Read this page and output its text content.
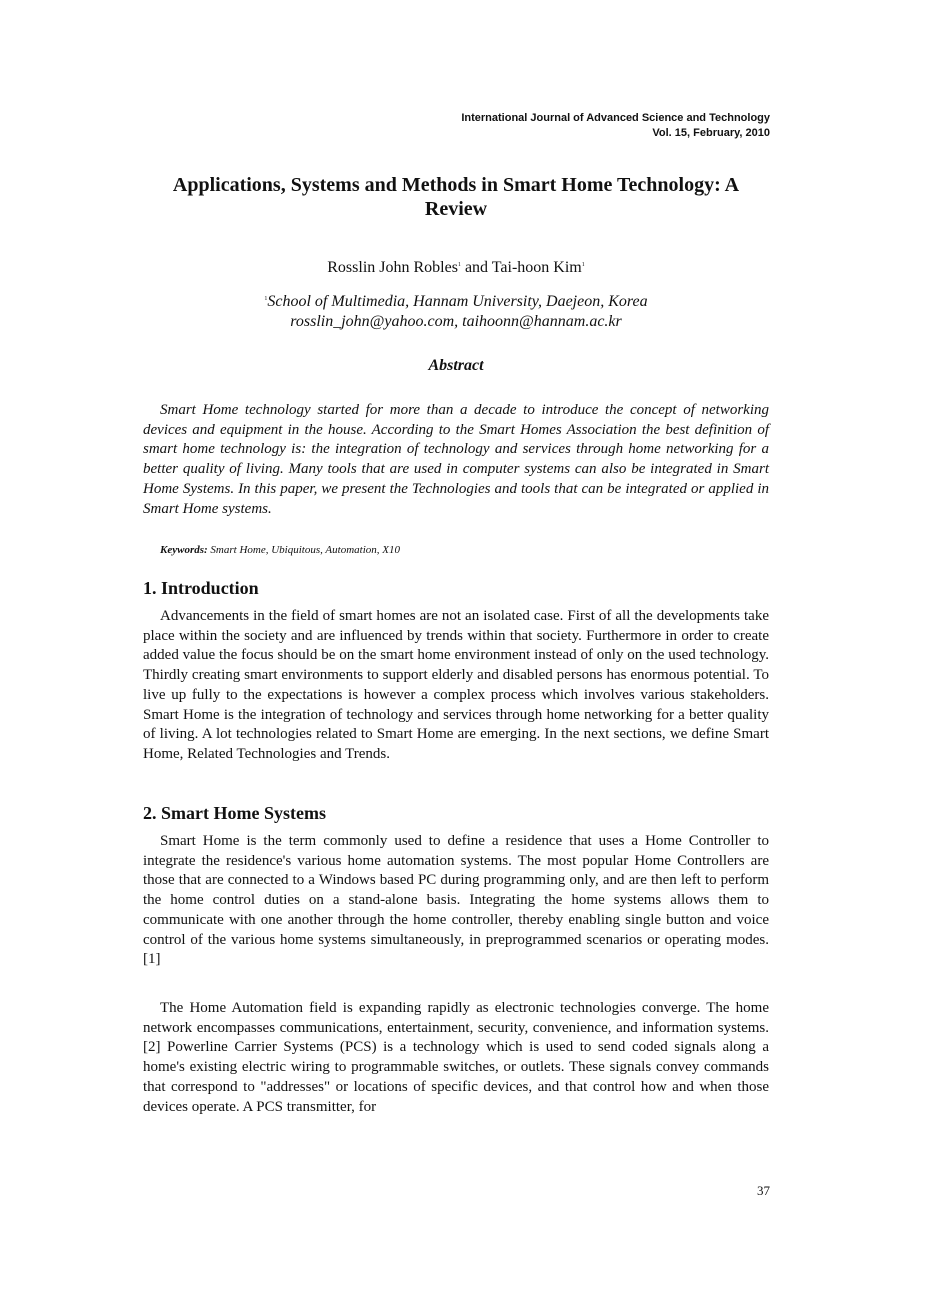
International Journal of Advanced Science and Technology
Vol. 15, February, 2010
Applications, Systems and Methods in Smart Home Technology: A
Review
Rosslin John Robles$^1$ and Tai-hoon Kim$^1$
$^1$School of Multimedia, Hannam University, Daejeon, Korea
rosslin_john@yahoo.com, taihoonn@hannam.ac.kr
Abstract

Smart Home technology started for more than a decade to introduce the concept of networking devices and equipment in the house. According to the Smart Homes Association the best definition of smart home technology is: the integration of technology and services through home networking for a better quality of living. Many tools that are used in computer systems can also be integrated in Smart Home Systems. In this paper, we present the Technologies and tools that can be integrated or applied in Smart Home systems.

Keywords: Smart Home, Ubiquitous, Automation, X10
1. Introduction

Advancements in the field of smart homes are not an isolated case. First of all the developments take place within the society and are influenced by trends within that society. Furthermore in order to create added value the focus should be on the smart home environment instead of only on the used technology. Thirdly creating smart environments to support elderly and disabled persons has enormous potential. To live up fully to the expectations is however a complex process which involves various stakeholders. Smart Home is the integration of technology and services through home networking for a better quality of living. A lot technologies related to Smart Home are emerging. In the next sections, we define Smart Home, Related Technologies and Trends.

2. Smart Home Systems

Smart Home is the term commonly used to define a residence that uses a Home Controller to integrate the residence's various home automation systems. The most popular Home Controllers are those that are connected to a Windows based PC during programming only, and are then left to perform the home control duties on a stand-alone basis. Integrating the home systems allows them to communicate with one another through the home controller, thereby enabling single button and voice control of the various home systems simultaneously, in preprogrammed scenarios or operating modes. [1]

The Home Automation field is expanding rapidly as electronic technologies converge. The home network encompasses communications, entertainment, security, convenience, and information systems. [2] Powerline Carrier Systems (PCS) is a technology which is used to send coded signals along a home's existing electric wiring to programmable switches, or outlets. These signals convey commands that correspond to "addresses" or locations of specific devices, and that control how and when those devices operate. A PCS transmitter, for

37
